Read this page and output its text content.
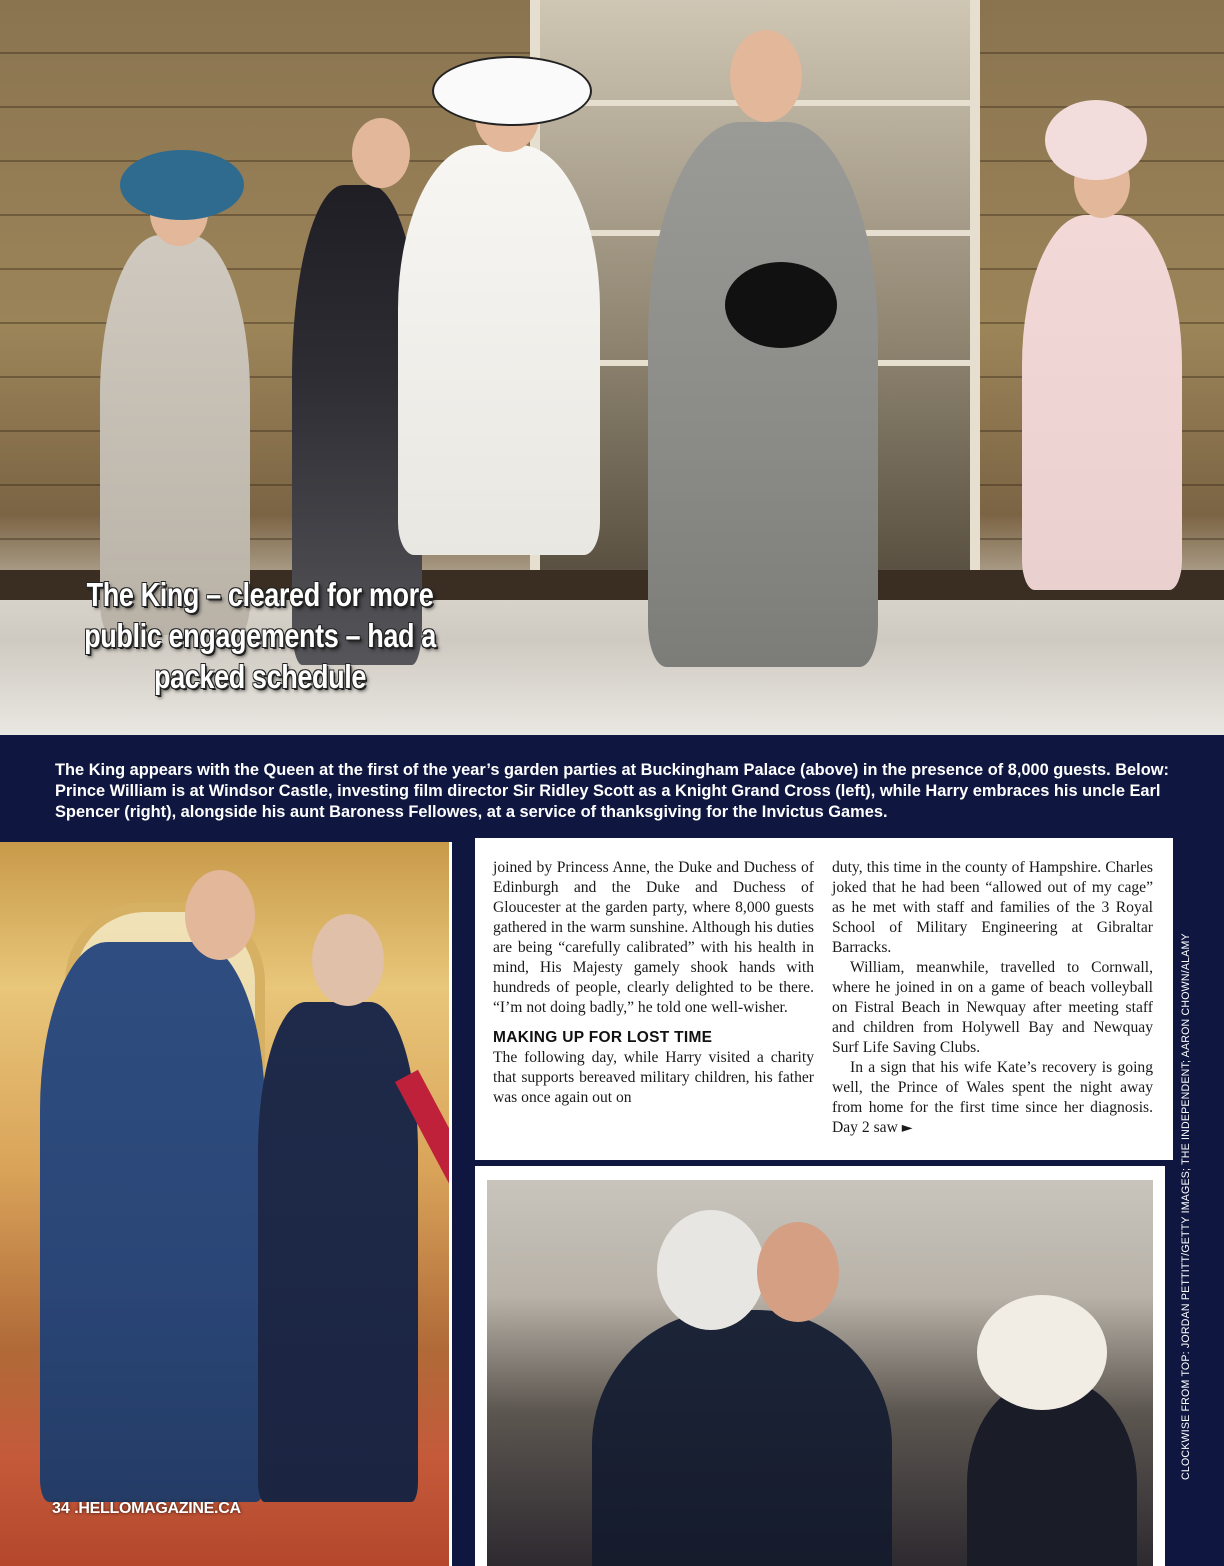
The King – cleared for more public engagements – had a packed schedule

The King appears with the Queen at the first of the year’s garden parties at Buckingham Palace (above) in the presence of 8,000 guests. Below: Prince William is at Windsor Castle, investing film director Sir Ridley Scott as a Knight Grand Cross (left), while Harry embraces his uncle Earl Spencer (right), alongside his aunt Baroness Fellowes, at a service of thanksgiving for the Invictus Games.

joined by Princess Anne, the Duke and Duchess of Edinburgh and the Duke and Duchess of Gloucester at the garden party, where 8,000 guests gathered in the warm sunshine. Although his duties are being “carefully calibrated” with his health in mind, His Majesty gamely shook hands with hundreds of people, clearly delighted to be there. “I’m not doing badly,” he told one well-wisher.

MAKING UP FOR LOST TIME

The following day, while Harry visited a charity that supports bereaved military children, his father was once again out on

duty, this time in the county of Hampshire. Charles joked that he had been “allowed out of my cage” as he met with staff and families of the 3 Royal School of Military Engineering at Gibraltar Barracks.

William, meanwhile, travelled to Cornwall, where he joined in on a game of beach volleyball on Fistral Beach in Newquay after meeting staff and children from Holywell Bay and Newquay Surf Life Saving Clubs.

In a sign that his wife Kate’s recovery is going well, the Prince of Wales spent the night away from home for the first time since her diagnosis. Day 2 saw ►	CLOCKWISE FROM TOP: JORDAN PETTITT/GETTY IMAGES; THE INDEPENDENT; AARON CHOWN/ALAMY
34 .HELLOMAGAZINE.CA
